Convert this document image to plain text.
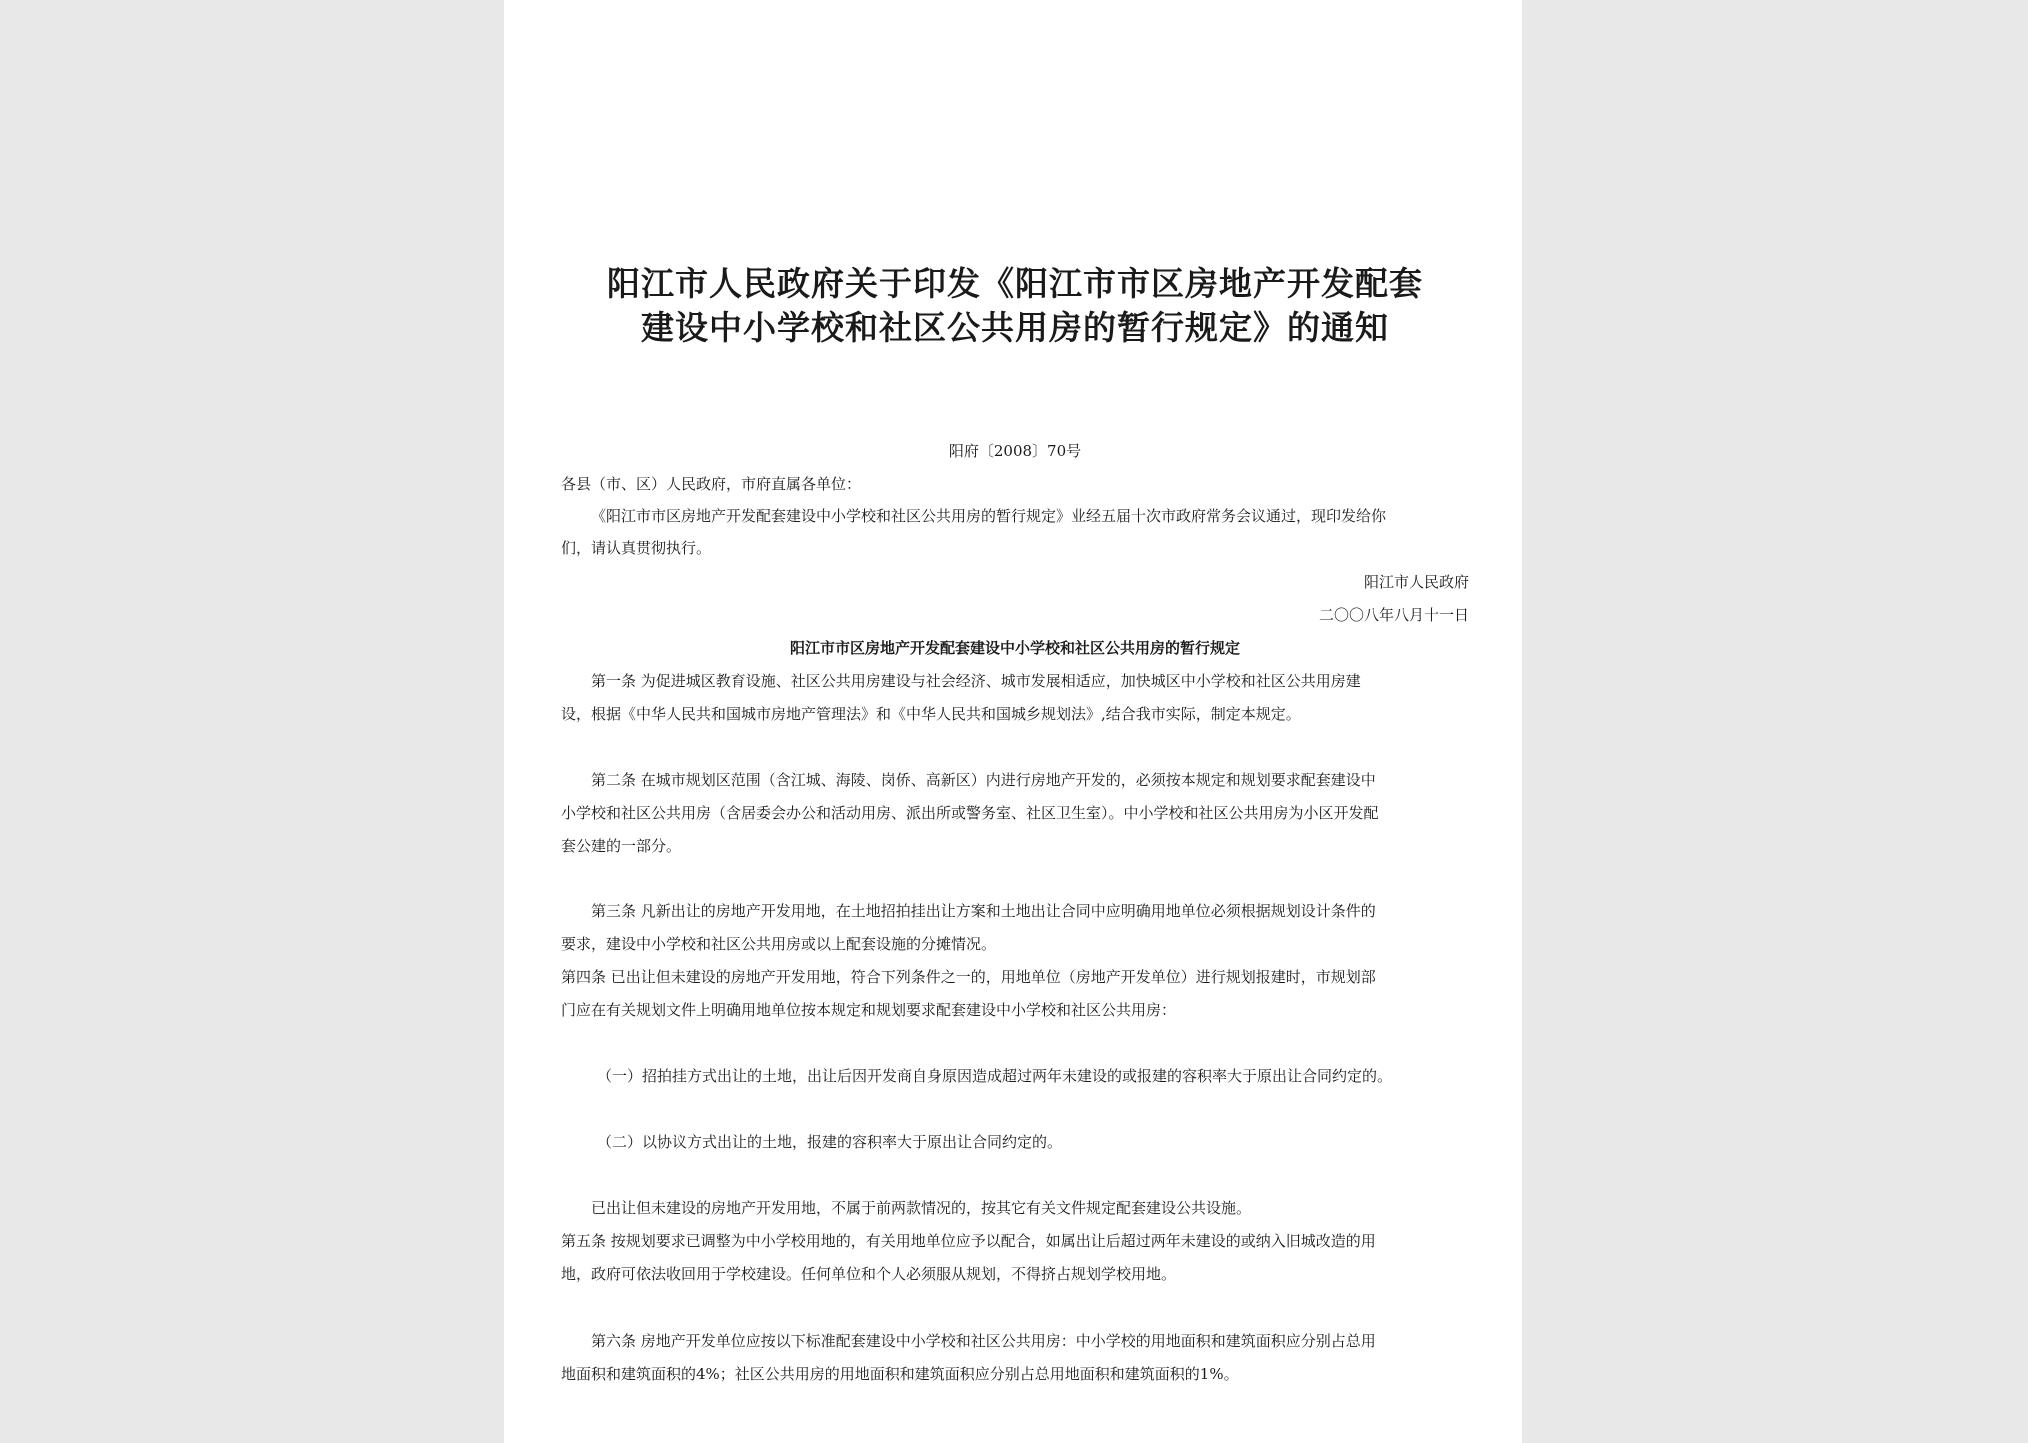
阳江市人民政府关于印发《阳江市市区房地产开发配套
建设中小学校和社区公共用房的暂行规定》的通知
阳府〔2008〕70号
各县（市、区）人民政府，市府直属各单位：
《阳江市市区房地产开发配套建设中小学校和社区公共用房的暂行规定》业经五届十次市政府常务会议通过，现印发给你
们，请认真贯彻执行。
阳江市人民政府
二〇〇八年八月十一日
阳江市市区房地产开发配套建设中小学校和社区公共用房的暂行规定
第一条 为促进城区教育设施、社区公共用房建设与社会经济、城市发展相适应，加快城区中小学校和社区公共用房建
设，根据《中华人民共和国城市房地产管理法》和《中华人民共和国城乡规划法》,结合我市实际，制定本规定。
第二条 在城市规划区范围（含江城、海陵、岗侨、高新区）内进行房地产开发的，必须按本规定和规划要求配套建设中
小学校和社区公共用房（含居委会办公和活动用房、派出所或警务室、社区卫生室）。中小学校和社区公共用房为小区开发配
套公建的一部分。
第三条 凡新出让的房地产开发用地，在土地招拍挂出让方案和土地出让合同中应明确用地单位必须根据规划设计条件的
要求，建设中小学校和社区公共用房或以上配套设施的分摊情况。
第四条 已出让但未建设的房地产开发用地，符合下列条件之一的，用地单位（房地产开发单位）进行规划报建时，市规划部
门应在有关规划文件上明确用地单位按本规定和规划要求配套建设中小学校和社区公共用房：
（一）招拍挂方式出让的土地，出让后因开发商自身原因造成超过两年未建设的或报建的容积率大于原出让合同约定的。
（二）以协议方式出让的土地，报建的容积率大于原出让合同约定的。
已出让但未建设的房地产开发用地，不属于前两款情况的，按其它有关文件规定配套建设公共设施。
第五条 按规划要求已调整为中小学校用地的，有关用地单位应予以配合，如属出让后超过两年未建设的或纳入旧城改造的用
地，政府可依法收回用于学校建设。任何单位和个人必须服从规划，不得挤占规划学校用地。
第六条 房地产开发单位应按以下标准配套建设中小学校和社区公共用房：中小学校的用地面积和建筑面积应分别占总用
地面积和建筑面积的4%；社区公共用房的用地面积和建筑面积应分别占总用地面积和建筑面积的1%。
